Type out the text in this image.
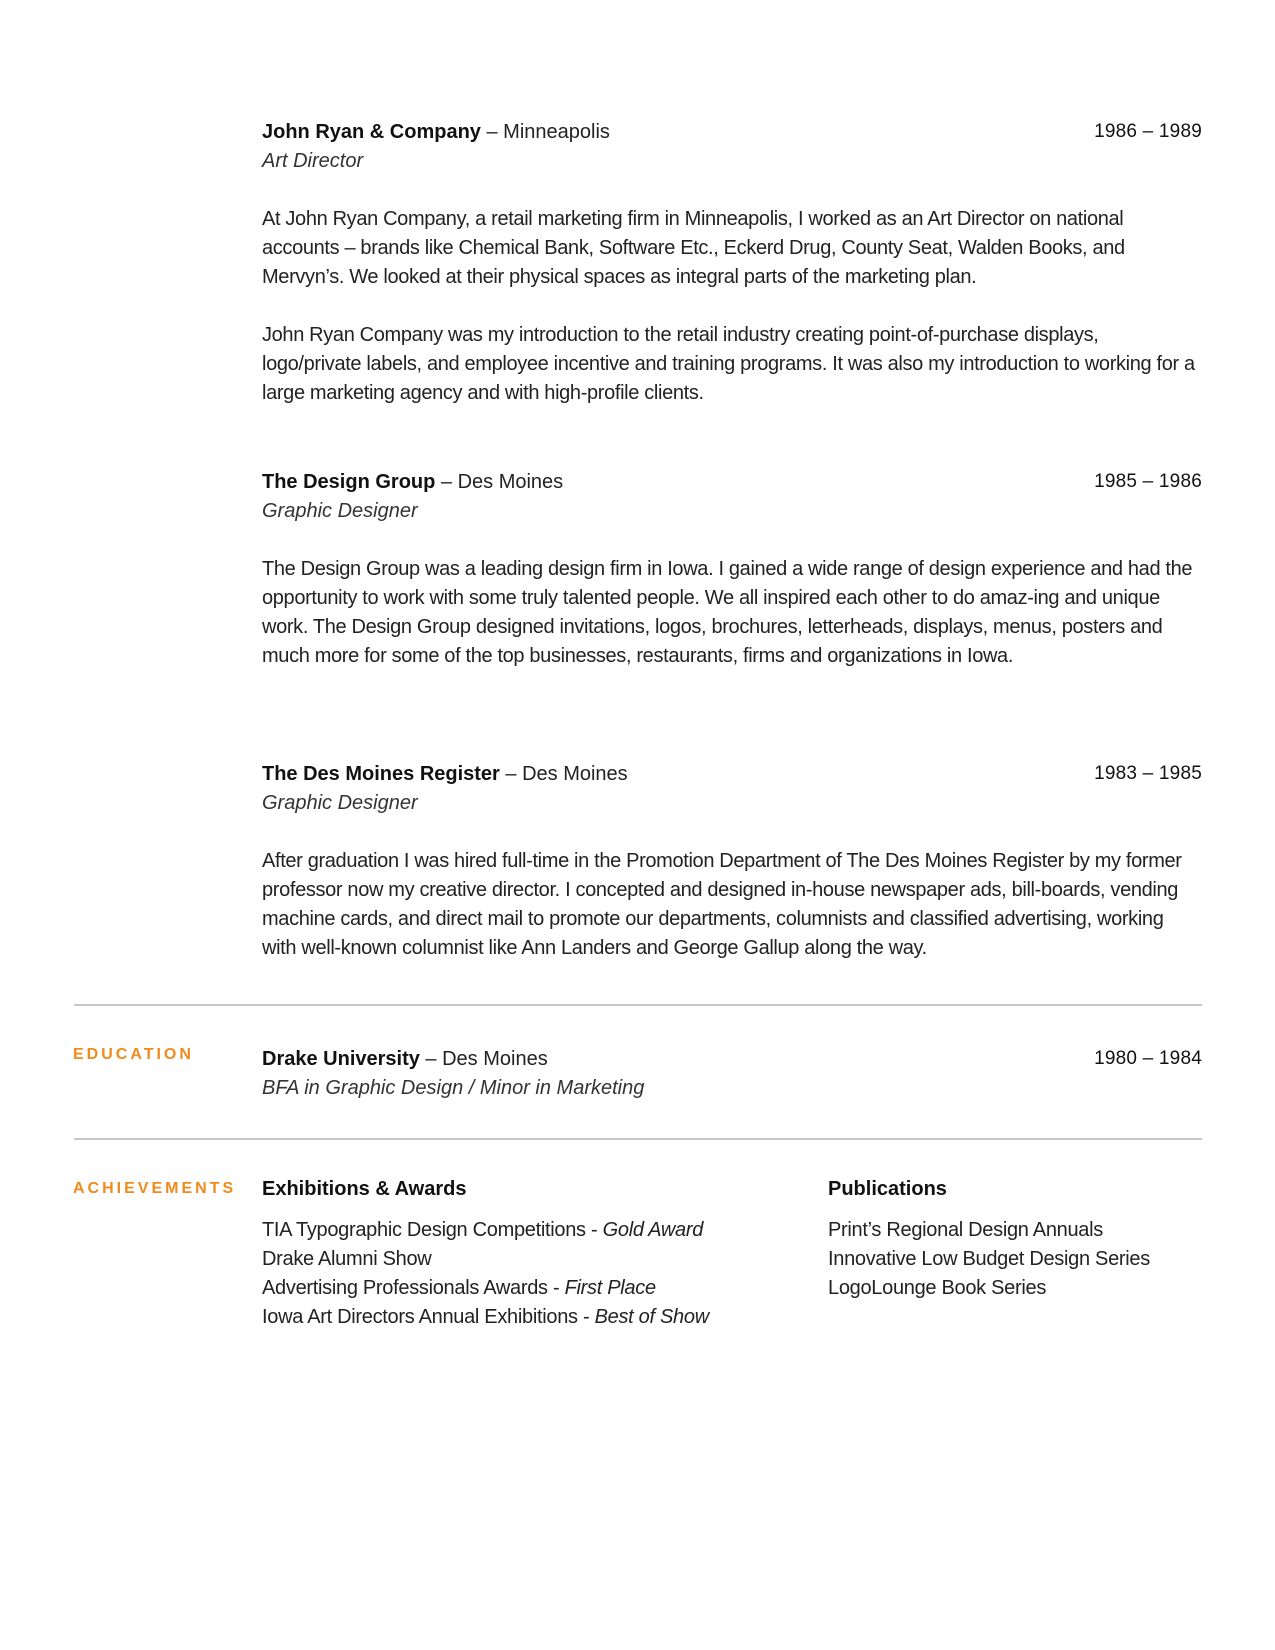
John Ryan & Company – Minneapolis	1986 – 1989
Art Director

At John Ryan Company, a retail marketing firm in Minneapolis, I worked as an Art Director on national accounts – brands like Chemical Bank, Software Etc., Eckerd Drug, County Seat, Walden Books, and Mervyn’s. We looked at their physical spaces as integral parts of the marketing plan.

John Ryan Company was my introduction to the retail industry creating point-of-purchase displays, logo/private labels, and employee incentive and training programs. It was also my introduction to working for a large marketing agency and with high-profile clients.

The Design Group – Des Moines	1985 – 1986
Graphic Designer

The Design Group was a leading design firm in Iowa. I gained a wide range of design experience and had the opportunity to work with some truly talented people. We all inspired each other to do amaz-ing and unique work. The Design Group designed invitations, logos, brochures, letterheads, displays, menus, posters and much more for some of the top businesses, restaurants, firms and organizations in Iowa.

The Des Moines Register – Des Moines	1983 – 1985
Graphic Designer

After graduation I was hired full-time in the Promotion Department of The Des Moines Register by my former professor now my creative director. I concepted and designed in-house newspaper ads, bill-boards, vending machine cards, and direct mail to promote our departments, columnists and classified advertising, working with well-known columnist like Ann Landers and George Gallup along the way.

EDUCATION	Drake University – Des Moines	1980 – 1984
BFA in Graphic Design / Minor in Marketing
ACHIEVEMENTS Exhibitions & Awards
TIA Typographic Design Competitions - Gold Award
Drake Alumni Show
Advertising Professionals Awards - First Place
Iowa Art Directors Annual Exhibitions - Best of Show
Publications
Print’s Regional Design Annuals
Innovative Low Budget Design Series
LogoLounge Book Series
